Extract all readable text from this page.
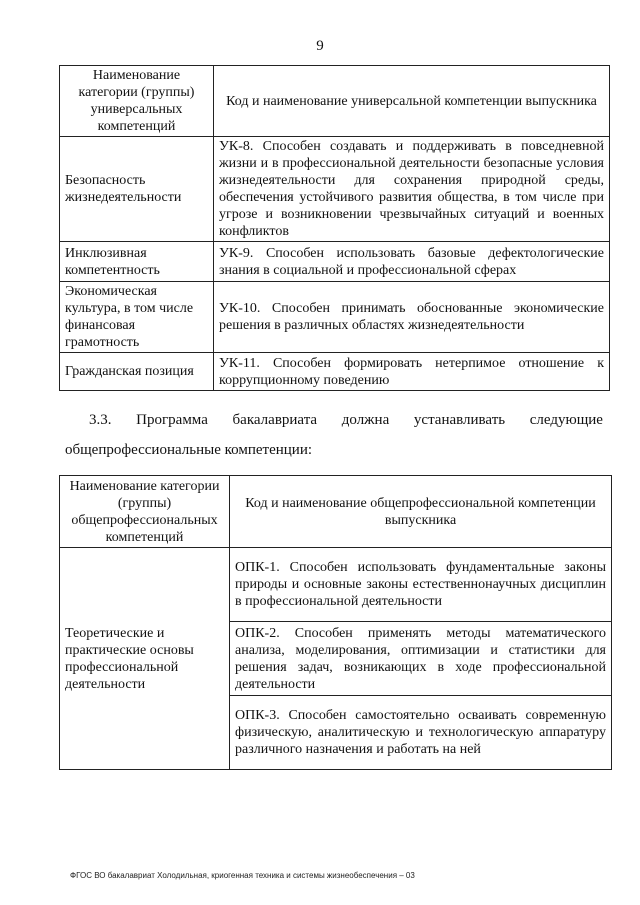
9
Наименование категории (группы) универсальных компетенций	Код и наименование универсальной компетенции выпускника
Безопасность жизнедеятельности	УК-8. Способен создавать и поддерживать в повседневной жизни и в профессиональной деятельности безопасные условия жизнедеятельности для сохранения природной среды, обеспечения устойчивого развития общества, в том числе при угрозе и возникновении чрезвычайных ситуаций и военных конфликтов
Инклюзивная компетентность	УК-9. Способен использовать базовые дефектологические знания в социальной и профессиональной сферах
Экономическая культура, в том числе финансовая грамотность	УК-10. Способен принимать обоснованные экономические решения в различных областях жизнедеятельности
Гражданская позиция	УК-11. Способен формировать нетерпимое отношение к коррупционному поведению
3.3. Программа бакалавриата должна устанавливать следующие
общепрофессиональные компетенции:
Наименование категории (группы) общепрофессиональных компетенций	Код и наименование общепрофессиональной компетенции выпускника
Теоретические и практические основы профессиональной деятельности	ОПК-1. Способен использовать фундаментальные законы природы и основные законы естественнонаучных дисциплин в профессиональной деятельности
	ОПК-2. Способен применять методы математического анализа, моделирования, оптимизации и статистики для решения задач, возникающих в ходе профессиональной деятельности
	ОПК-3. Способен самостоятельно осваивать современную физическую, аналитическую и технологическую аппаратуру различного назначения и работать на ней
ФГОС ВО бакалавриат Холодильная, криогенная техника и системы жизнеобеспечения – 03
